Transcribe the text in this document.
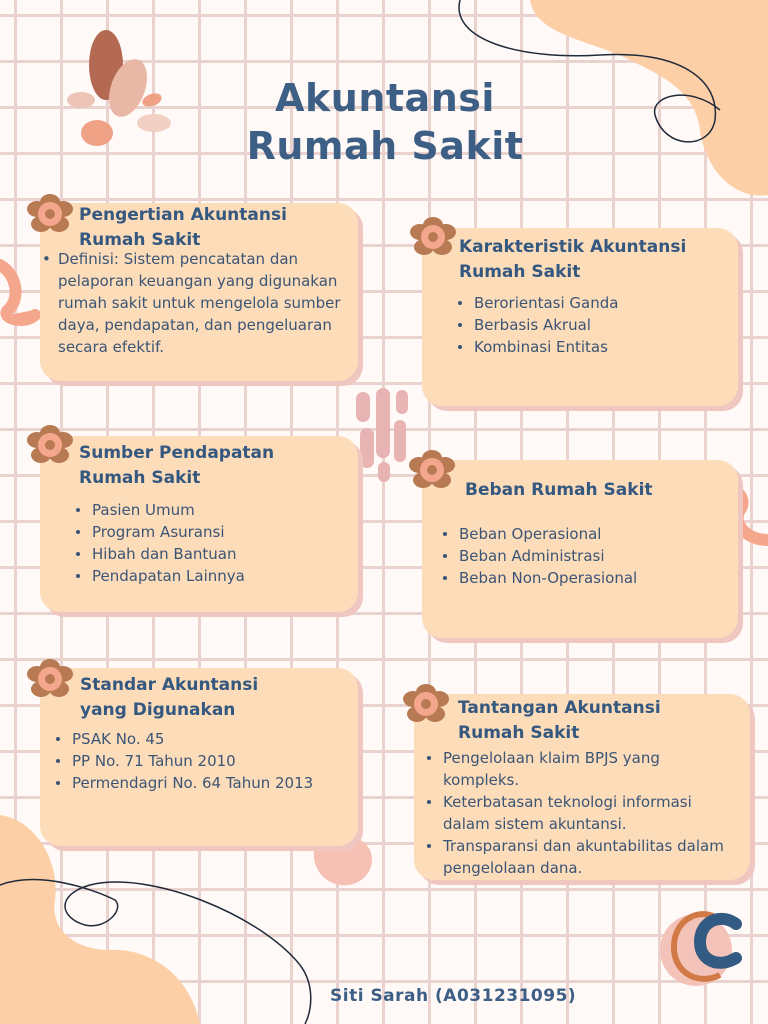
Akuntansi
Rumah Sakit
Pengertian Akuntansi
Rumah Sakit
• Definisi: Sistem pencatatan dan
pelaporan keuangan yang digunakan
rumah sakit untuk mengelola sumber
daya, pendapatan, dan pengeluaran
secara efektif.
Karakteristik Akuntansi
Rumah Sakit
Berorientasi Ganda
Berbasis Akrual
Kombinasi Entitas
Sumber Pendapatan
Rumah Sakit
Pasien Umum
Program Asuransi
Hibah dan Bantuan
Pendapatan Lainnya
Beban Rumah Sakit
Beban Operasional
Beban Administrasi
Beban Non-Operasional
Standar Akuntansi
yang Digunakan
PSAK No. 45
PP No. 71 Tahun 2010
Permendagri No. 64 Tahun 2013
Tantangan Akuntansi
Rumah Sakit
Pengelolaan klaim BPJS yang
kompleks.
Keterbatasan teknologi informasi
dalam sistem akuntansi.
Transparansi dan akuntabilitas dalam
pengelolaan dana.
Siti Sarah (A031231095)
